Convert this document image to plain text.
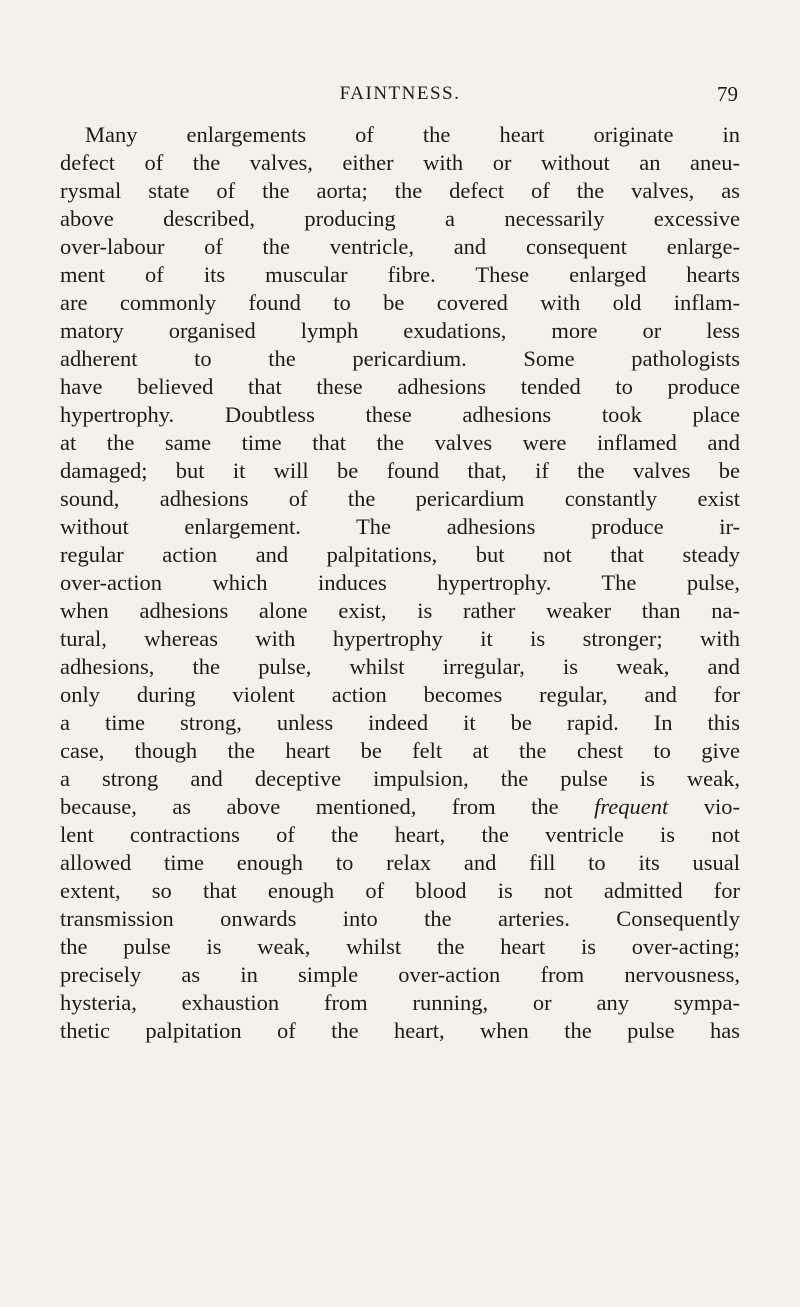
FAINTNESS.	79
Many enlargements of the heart originate in
defect of the valves, either with or without an aneu-
rysmal state of the aorta; the defect of the valves, as
above described, producing a necessarily excessive
over-labour of the ventricle, and consequent enlarge-
ment of its muscular fibre. These enlarged hearts
are commonly found to be covered with old inflam-
matory organised lymph exudations, more or less
adherent to the pericardium. Some pathologists
have believed that these adhesions tended to produce
hypertrophy. Doubtless these adhesions took place
at the same time that the valves were inflamed and
damaged; but it will be found that, if the valves be
sound, adhesions of the pericardium constantly exist
without enlargement. The adhesions produce ir-
regular action and palpitations, but not that steady
over-action which induces hypertrophy. The pulse,
when adhesions alone exist, is rather weaker than na-
tural, whereas with hypertrophy it is stronger; with
adhesions, the pulse, whilst irregular, is weak, and
only during violent action becomes regular, and for
a time strong, unless indeed it be rapid. In this
case, though the heart be felt at the chest to give
a strong and deceptive impulsion, the pulse is weak,
because, as above mentioned, from the frequent vio-
lent contractions of the heart, the ventricle is not
allowed time enough to relax and fill to its usual
extent, so that enough of blood is not admitted for
transmission onwards into the arteries. Consequently
the pulse is weak, whilst the heart is over-acting;
precisely as in simple over-action from nervousness,
hysteria, exhaustion from running, or any sympa-
thetic palpitation of the heart, when the pulse has
